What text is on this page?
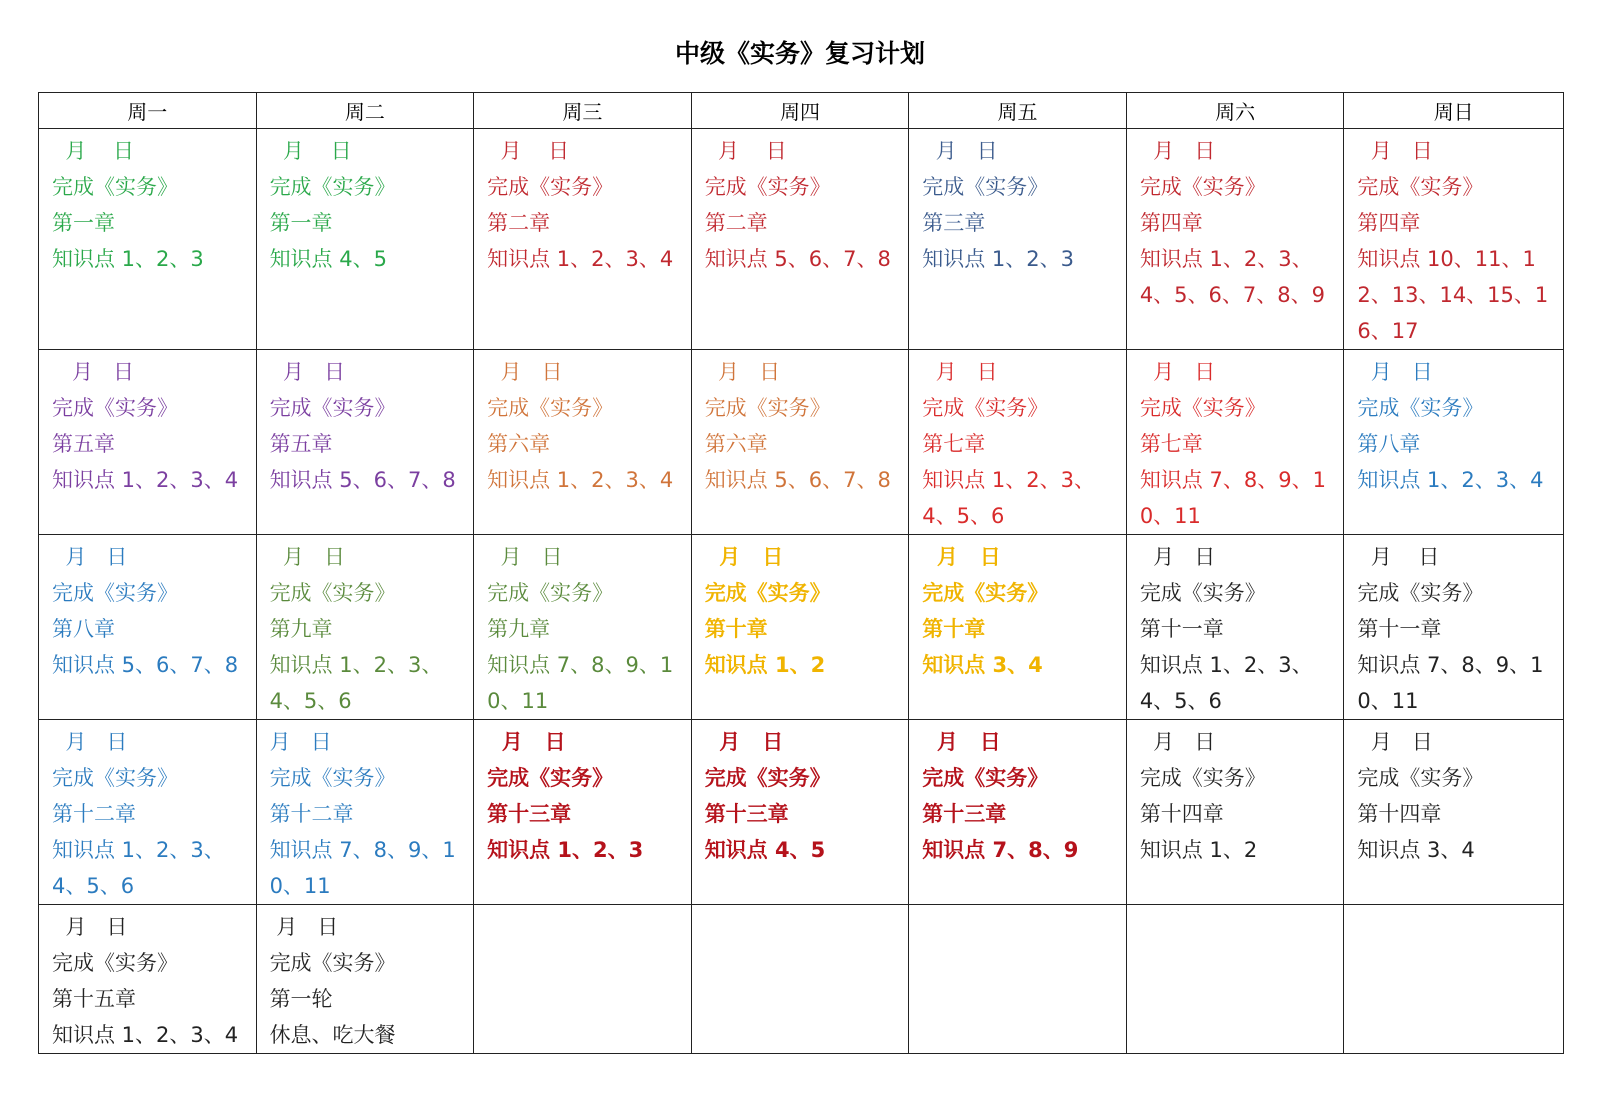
中级《实务》复习计划
周一	周二	周三	周四	周五	周六	周日

月    日
完成《实务》
第一章
知识点 1、2、3	月    日
完成《实务》
第一章
知识点 4、5	月    日
完成《实务》
第二章
知识点 1、2、3、4	月    日
完成《实务》
第二章
知识点 5、6、7、8	月   日
完成《实务》
第三章
知识点 1、2、3	月   日
完成《实务》
第四章
知识点 1、2、3、4、5、6、7、8、9	月   日
完成《实务》
第四章
知识点 10、11、12、13、14、15、16、17

月   日
完成《实务》
第五章
知识点 1、2、3、4	月   日
完成《实务》
第五章
知识点 5、6、7、8	月   日
完成《实务》
第六章
知识点 1、2、3、4	月   日
完成《实务》
第六章
知识点 5、6、7、8	月   日
完成《实务》
第七章
知识点 1、2、3、4、5、6	月   日
完成《实务》
第七章
知识点 7、8、9、10、11	月   日
完成《实务》
第八章
知识点 1、2、3、4

月   日
完成《实务》
第八章
知识点 5、6、7、8	月   日
完成《实务》
第九章
知识点 1、2、3、4、5、6	月   日
完成《实务》
第九章
知识点 7、8、9、10、11	月   日
完成《实务》
第十章
知识点 1、2	月   日
完成《实务》
第十章
知识点 3、4	月   日
完成《实务》
第十一章
知识点 1、2、3、4、5、6	月    日
完成《实务》
第十一章
知识点 7、8、9、10、11

月   日
完成《实务》
第十二章
知识点 1、2、3、4、5、6	月   日
完成《实务》
第十二章
知识点 7、8、9、10、11	月   日
完成《实务》
第十三章
知识点 1、2、3	月   日
完成《实务》
第十三章
知识点 4、5	月   日
完成《实务》
第十三章
知识点 7、8、9	月   日
完成《实务》
第十四章
知识点 1、2	月   日
完成《实务》
第十四章
知识点 3、4

月   日
完成《实务》
第十五章
知识点 1、2、3、4	月   日
完成《实务》
第一轮
休息、吃大餐					
